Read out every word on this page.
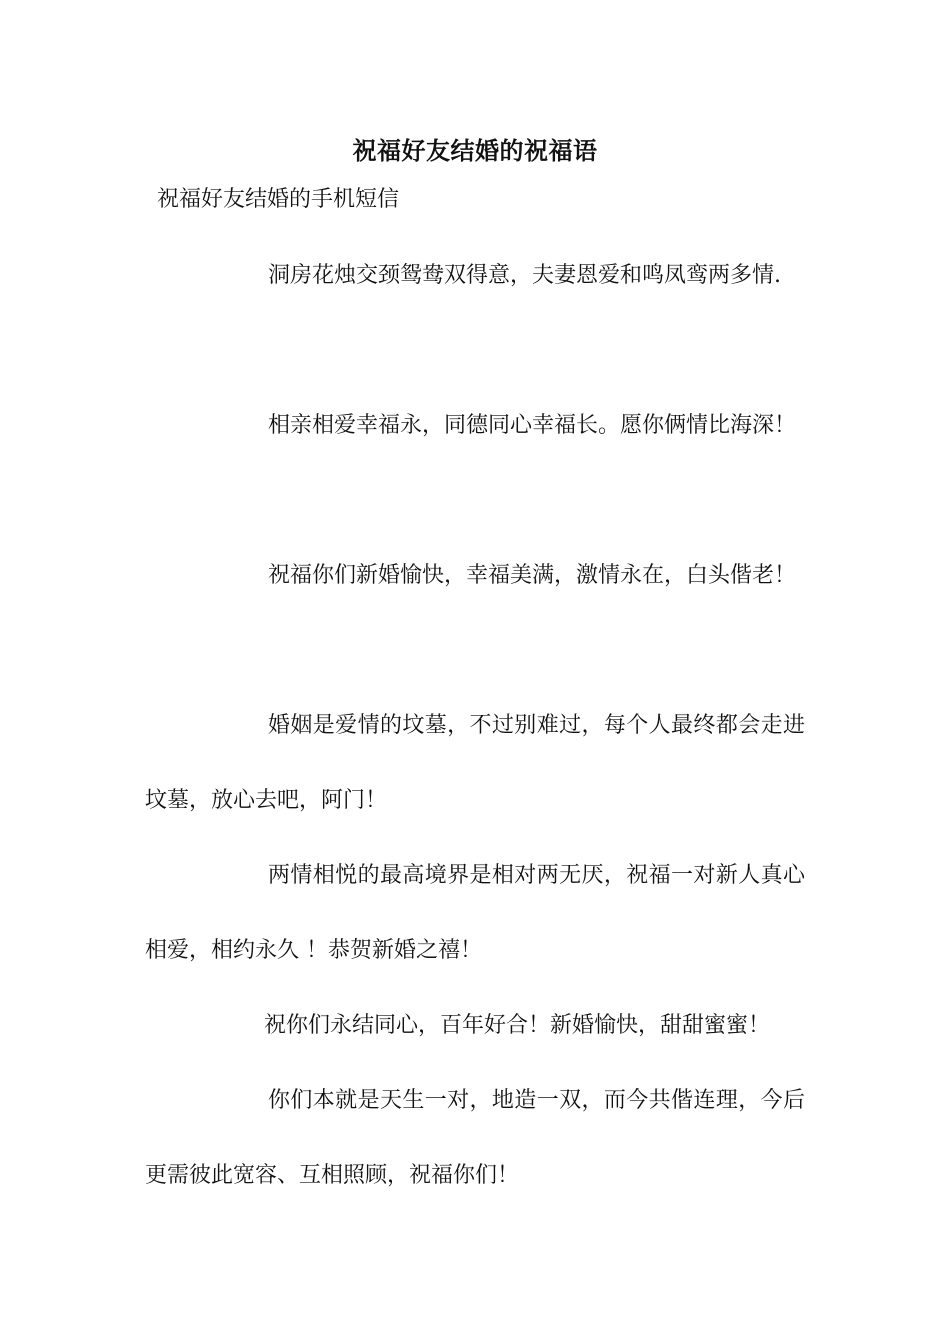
祝福好友结婚的祝福语
祝福好友结婚的手机短信
洞房花烛交颈鸳鸯双得意，夫妻恩爱和鸣凤鸾两多情.
相亲相爱幸福永，同德同心幸福长。愿你俩情比海深！
祝福你们新婚愉快，幸福美满，激情永在，白头偕老！
婚姻是爱情的坟墓，不过别难过，每个人最终都会走进坟墓，放心去吧，阿门！
两情相悦的最高境界是相对两无厌，祝福一对新人真心相爱，相约永久 ！恭贺新婚之禧！
祝你们永结同心，百年好合！新婚愉快，甜甜蜜蜜！
你们本就是天生一对，地造一双，而今共偕连理，今后更需彼此宽容、互相照顾，祝福你们！
